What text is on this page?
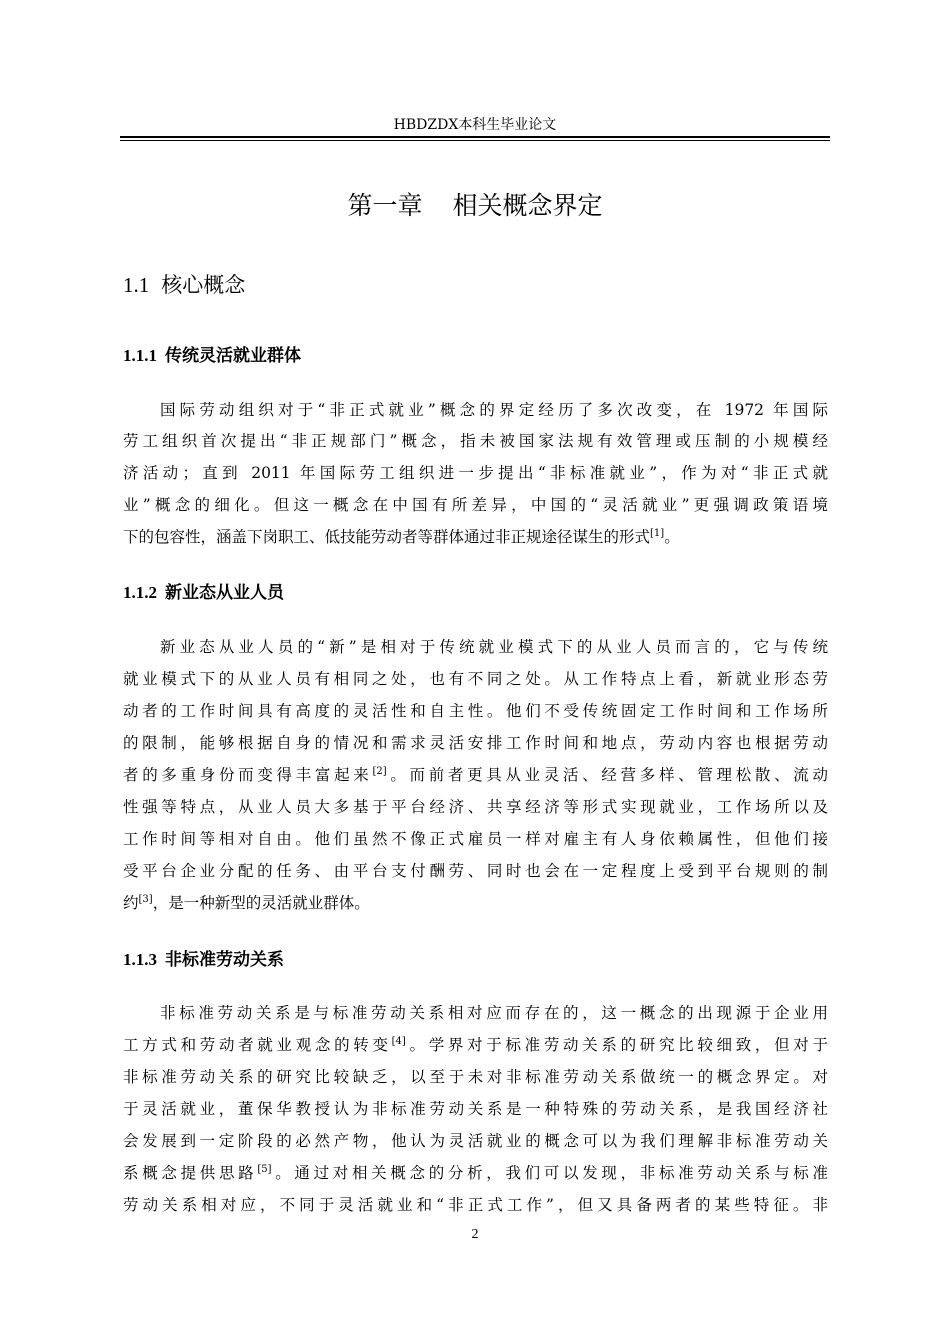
HBDZDX本科生毕业论文
第一章 相关概念界定
1.1 核心概念
1.1.1 传统灵活就业群体
国际劳动组织对于“非正式就业”概念的界定经历了多次改变，在 1972 年国际
劳工组织首次提出“非正规部门”概念，指未被国家法规有效管理或压制的小规模经
济活动；直到 2011 年国际劳工组织进一步提出“非标准就业”，作为对“非正式就
业”概念的细化。但这一概念在中国有所差异，中国的“灵活就业”更强调政策语境
下的包容性，涵盖下岗职工、低技能劳动者等群体通过非正规途径谋生的形式[1]。
1.1.2 新业态从业人员
新业态从业人员的“新”是相对于传统就业模式下的从业人员而言的，它与传统
就业模式下的从业人员有相同之处，也有不同之处。从工作特点上看，新就业形态劳
动者的工作时间具有高度的灵活性和自主性。他们不受传统固定工作时间和工作场所
的限制，能够根据自身的情况和需求灵活安排工作时间和地点，劳动内容也根据劳动
者的多重身份而变得丰富起来[2]。而前者更具从业灵活、经营多样、管理松散、流动
性强等特点，从业人员大多基于平台经济、共享经济等形式实现就业，工作场所以及
工作时间等相对自由。他们虽然不像正式雇员一样对雇主有人身依赖属性，但他们接
受平台企业分配的任务、由平台支付酬劳、同时也会在一定程度上受到平台规则的制
约[3]，是一种新型的灵活就业群体。
1.1.3 非标准劳动关系
非标准劳动关系是与标准劳动关系相对应而存在的，这一概念的出现源于企业用
工方式和劳动者就业观念的转变[4]。学界对于标准劳动关系的研究比较细致，但对于
非标准劳动关系的研究比较缺乏，以至于未对非标准劳动关系做统一的概念界定。对
于灵活就业，董保华教授认为非标准劳动关系是一种特殊的劳动关系，是我国经济社
会发展到一定阶段的必然产物，他认为灵活就业的概念可以为我们理解非标准劳动关
系概念提供思路[5]。通过对相关概念的分析，我们可以发现，非标准劳动关系与标准
劳动关系相对应，不同于灵活就业和“非正式工作”，但又具备两者的某些特征。非
2
